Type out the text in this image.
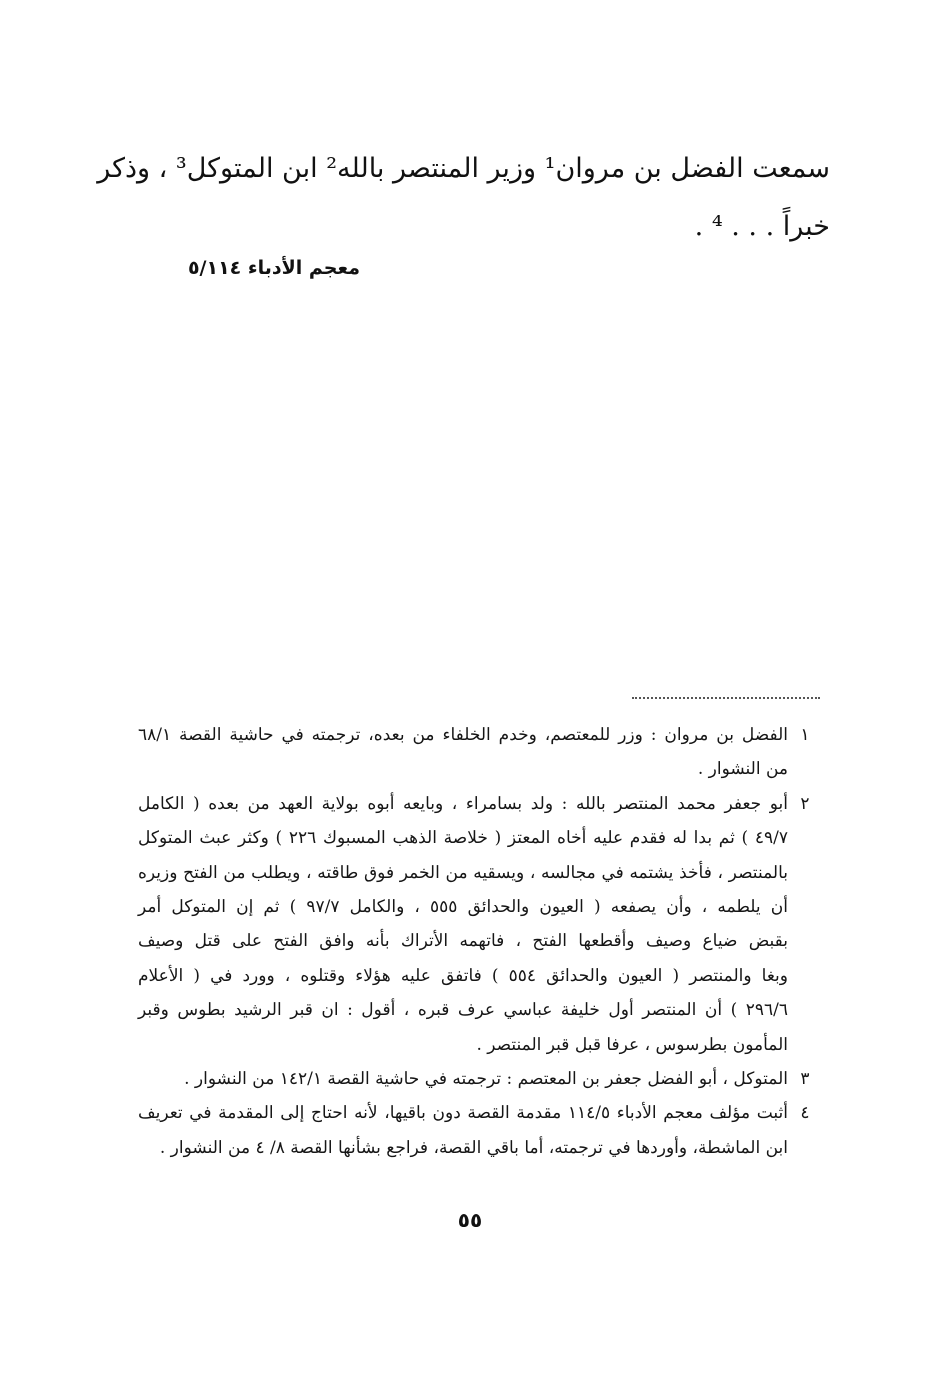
سمعت الفضل بن مروان¹ وزير المنتصر بالله² ابن المتوكل³ ، وذكر
خبراً . . . ⁴ .
معجم الأدباء ٥/١١٤
١
الفضل بن مروان : وزر للمعتصم، وخدم الخلفاء من بعده، ترجمته في حاشية القصة ٦٨/١
من النشوار .
٢
أبو جعفر محمد المنتصر بالله : ولد بسامراء ، وبايعه أبوه بولاية العهد من بعده ( الكامل
٤٩/٧ ) ثم بدا له فقدم عليه أخاه المعتز ( خلاصة الذهب المسبوك ٢٢٦ ) وكثر عبث المتوكل
بالمنتصر ، فأخذ يشتمه في مجالسه ، ويسقيه من الخمر فوق طاقته ، ويطلب من الفتح وزيره
أن يلطمه ، وأن يصفعه ( العيون والحدائق ٥٥٥ ، والكامل ٩٧/٧ ) ثم إن المتوكل أمر
بقبض ضياع وصيف وأقطعها الفتح ، فاتهمه الأتراك بأنه وافق الفتح على قتل وصيف
وبغا والمنتصر ( العيون والحدائق ٥٥٤ ) فاتفق عليه هؤلاء وقتلوه ، وورد في ( الأعلام
٢٩٦/٦ ) أن المنتصر أول خليفة عباسي عرف قبره ، أقول : ان قبر الرشيد بطوس وقبر
المأمون بطرسوس ، عرفا قبل قبر المنتصر .
٣
المتوكل ، أبو الفضل جعفر بن المعتصم : ترجمته في حاشية القصة ١٤٢/١ من النشوار .
٤
أثبت مؤلف معجم الأدباء ١١٤/٥ مقدمة القصة دون باقيها، لأنه احتاج إلى المقدمة في تعريف
ابن الماشطة، وأوردها في ترجمته، أما باقي القصة، فراجع بشأنها القصة ٨/ ٤ من النشوار .
٥٥
